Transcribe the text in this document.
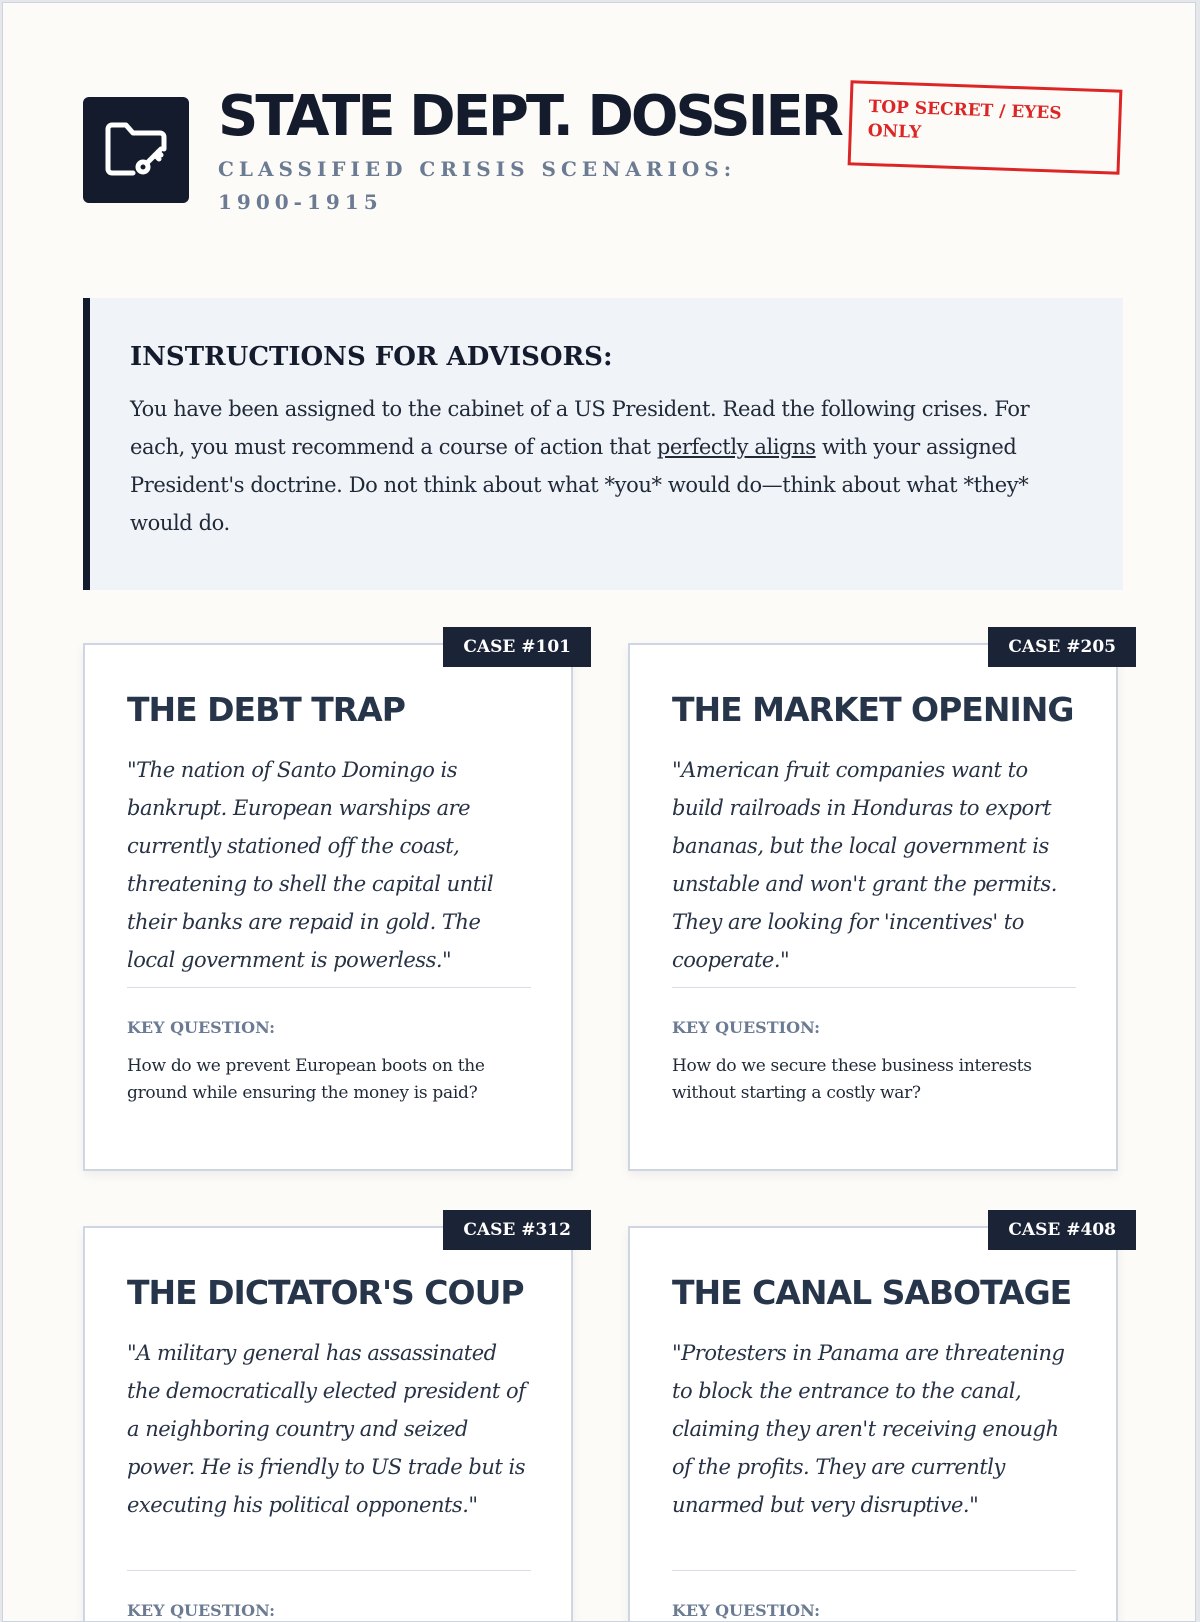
STATE DEPT. DOSSIER
CLASSIFIED CRISIS SCENARIOS: 1900-1915
TOP SECRET / EYES ONLY
INSTRUCTIONS FOR ADVISORS:
You have been assigned to the cabinet of a US President. Read the following crises. For each, you must recommend a course of action that perfectly aligns with your assigned President's doctrine. Do not think about what *you* would do—think about what *they* would do.
CASE #101
THE DEBT TRAP
"The nation of Santo Domingo is bankrupt. European warships are currently stationed off the coast, threatening to shell the capital until their banks are repaid in gold. The local government is powerless."
KEY QUESTION:
How do we prevent European boots on the ground while ensuring the money is paid?
CASE #205
THE MARKET OPENING
"American fruit companies want to build railroads in Honduras to export bananas, but the local government is unstable and won't grant the permits. They are looking for 'incentives' to cooperate."
KEY QUESTION:
How do we secure these business interests without starting a costly war?
CASE #312
THE DICTATOR'S COUP
"A military general has assassinated the democratically elected president of a neighboring country and seized power. He is friendly to US trade but is executing his political opponents."
KEY QUESTION:
CASE #408
THE CANAL SABOTAGE
"Protesters in Panama are threatening to block the entrance to the canal, claiming they aren't receiving enough of the profits. They are currently unarmed but very disruptive."
KEY QUESTION:
